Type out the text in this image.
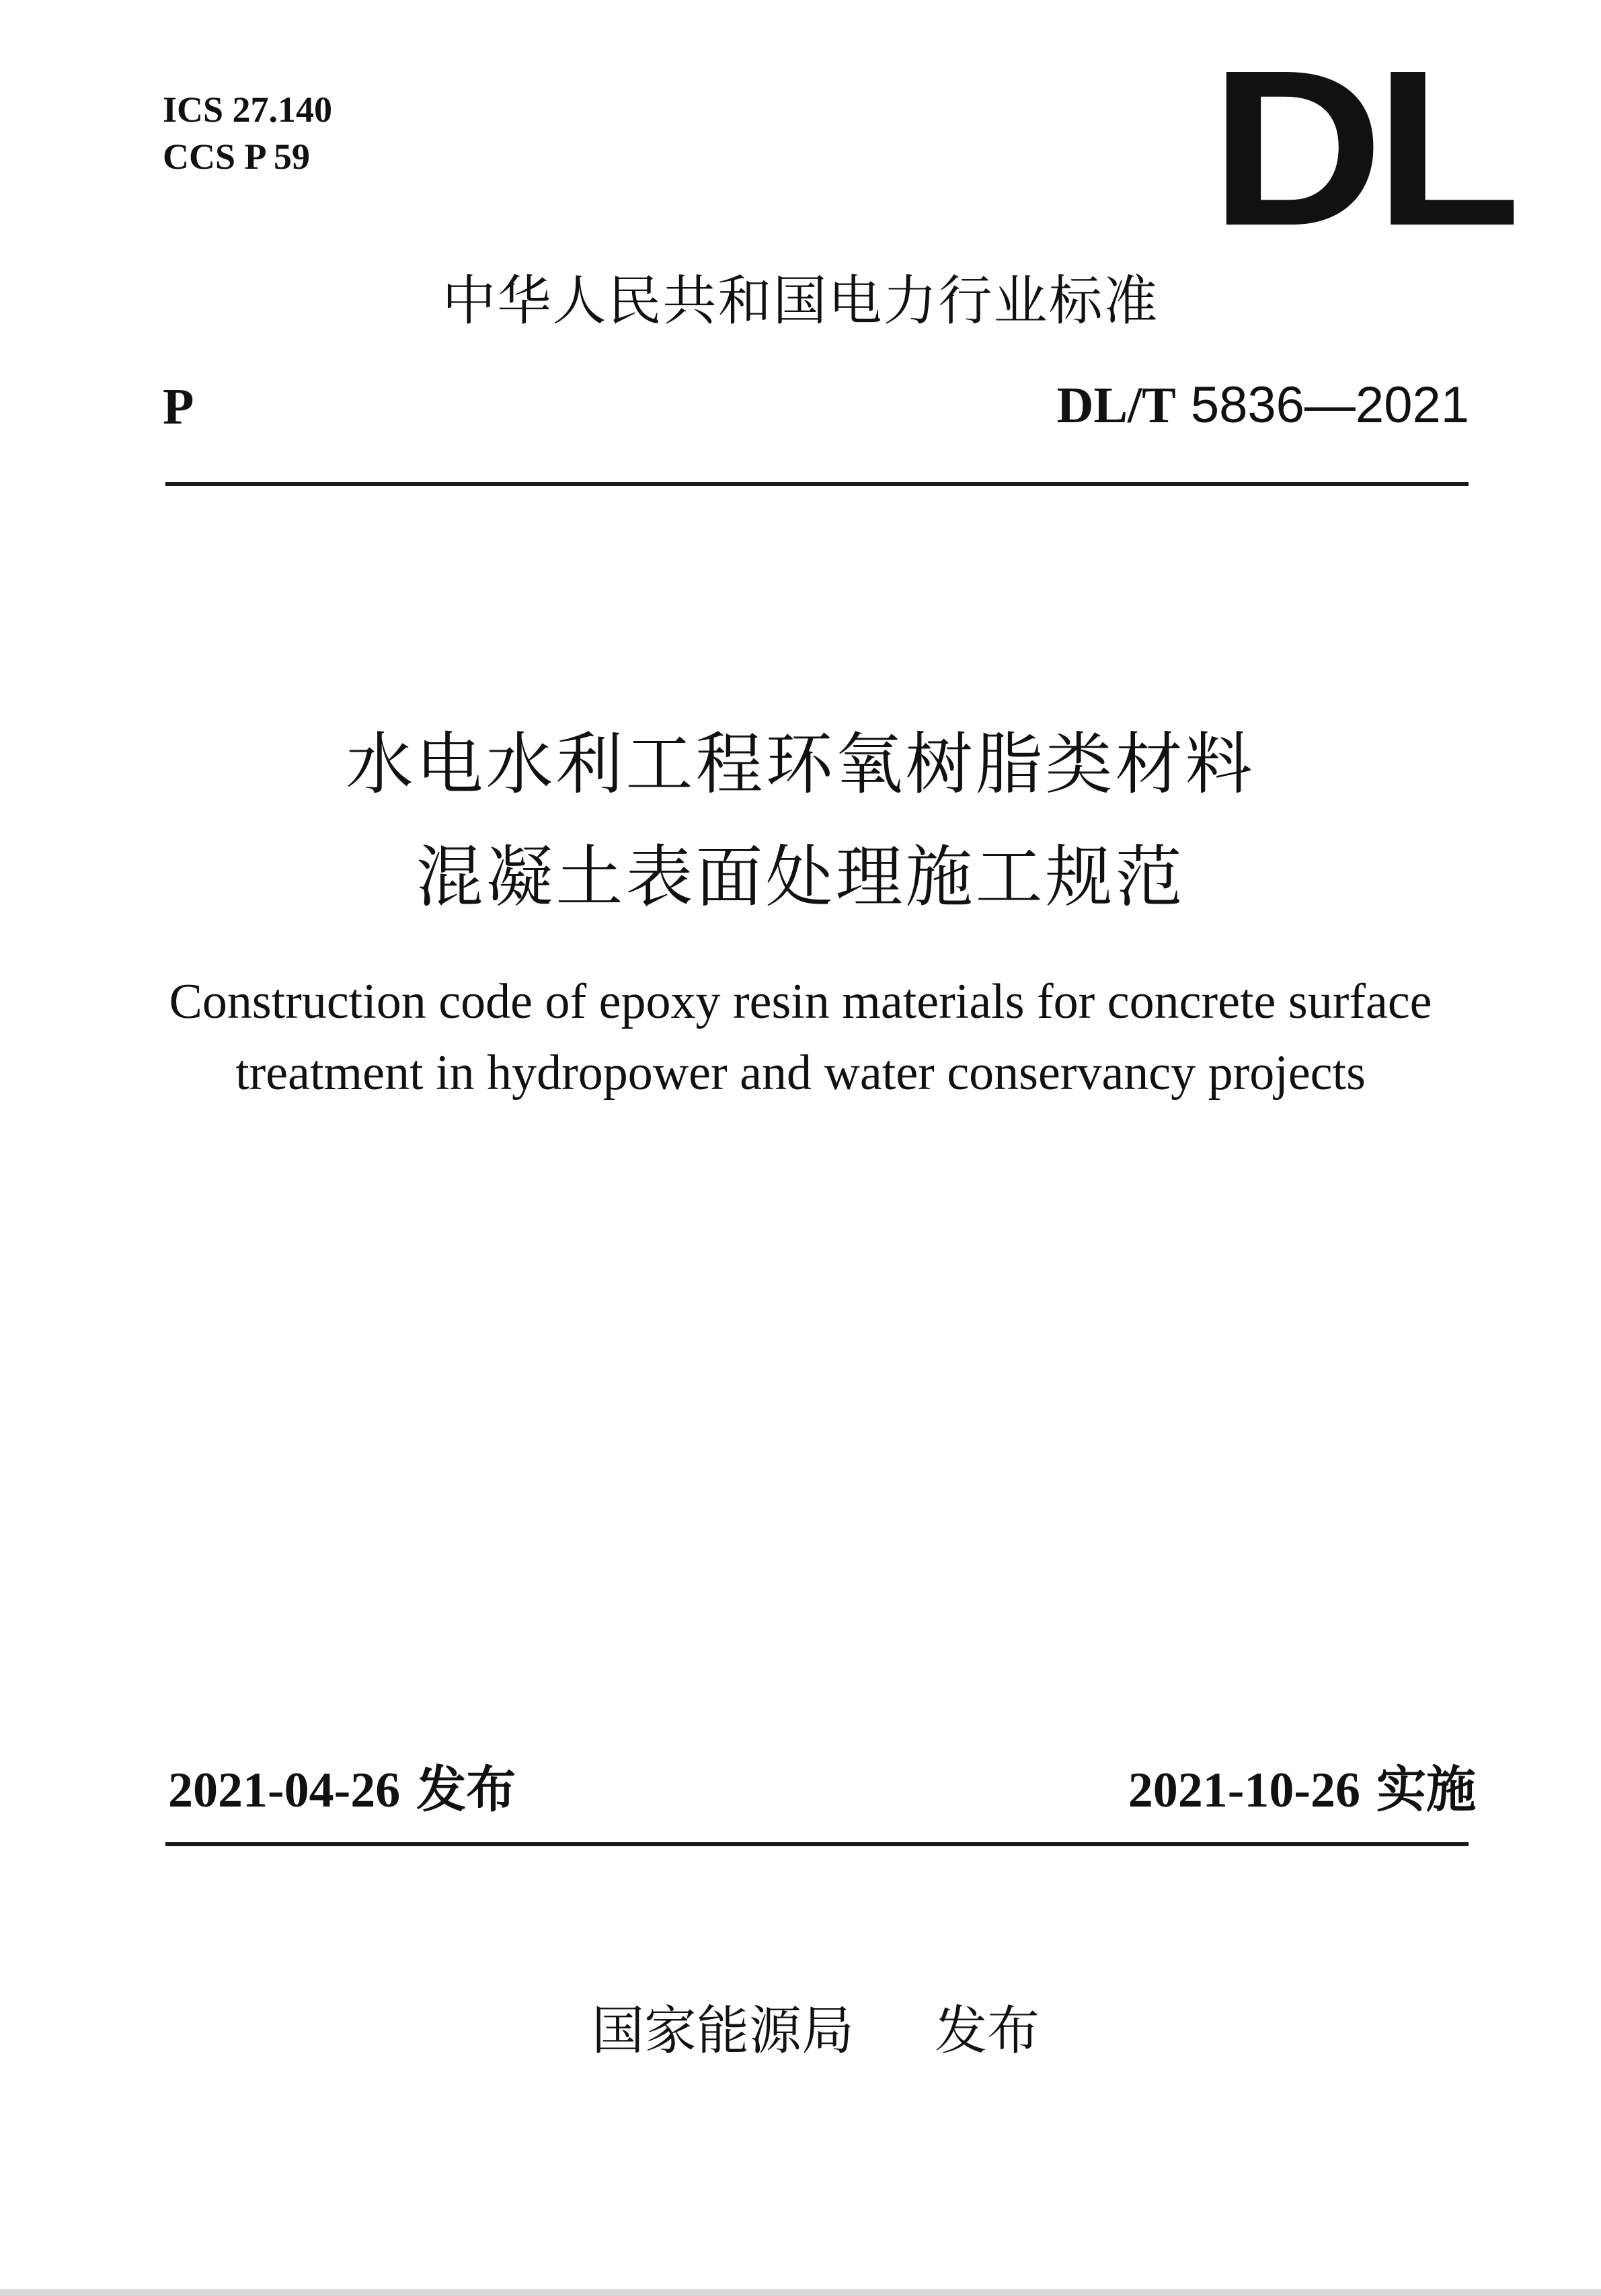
ICS 27.140
CCS P 59	DL
中华人民共和国电力行业标准
P	DL/T 5836—2021
水电水利工程环氧树脂类材料
混凝土表面处理施工规范
Construction code of epoxy resin materials for concrete surface
treatment in hydropower and water conservancy projects
2021-04-26 发布	2021-10-26 实施
国家能源局 发布
